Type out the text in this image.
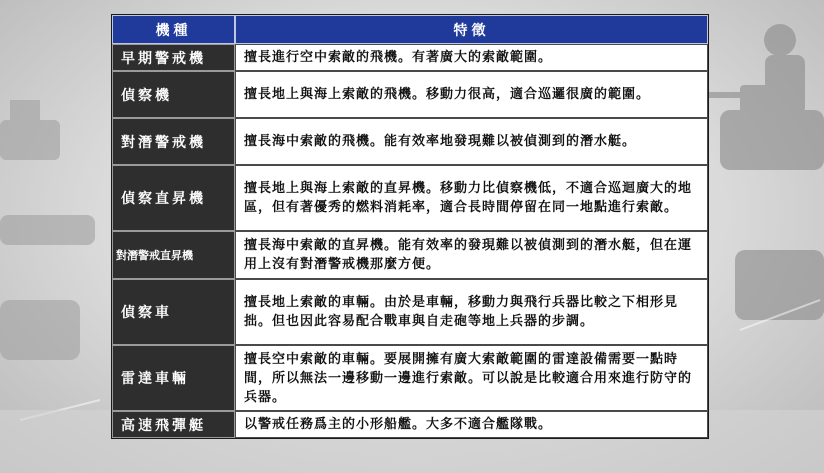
機種	特徵
早期警戒機	擅長進行空中索敵的飛機。有著廣大的索敵範圍。
偵察機	擅長地上與海上索敵的飛機。移動力很高，適合巡邏很廣的範圍。
對潛警戒機	擅長海中索敵的飛機。能有效率地發現難以被偵測到的潛水艇。
偵察直昇機	擅長地上與海上索敵的直昇機。移動力比偵察機低，不適合巡迴廣大的地區，但有著優秀的燃料消耗率，適合長時間停留在同一地點進行索敵。
對潛警戒直昇機	擅長海中索敵的直昇機。能有效率的發現難以被偵測到的潛水艇，但在運用上沒有對潛警戒機那麼方便。
偵察車	擅長地上索敵的車輛。由於是車輛，移動力與飛行兵器比較之下相形見拙。但也因此容易配合戰車與自走砲等地上兵器的步調。
雷達車輛	擅長空中索敵的車輛。要展開擁有廣大索敵範圍的雷達設備需要一點時間，所以無法一邊移動一邊進行索敵。可以說是比較適合用來進行防守的兵器。
高速飛彈艇	以警戒任務爲主的小形船艦。大多不適合艦隊戰。
